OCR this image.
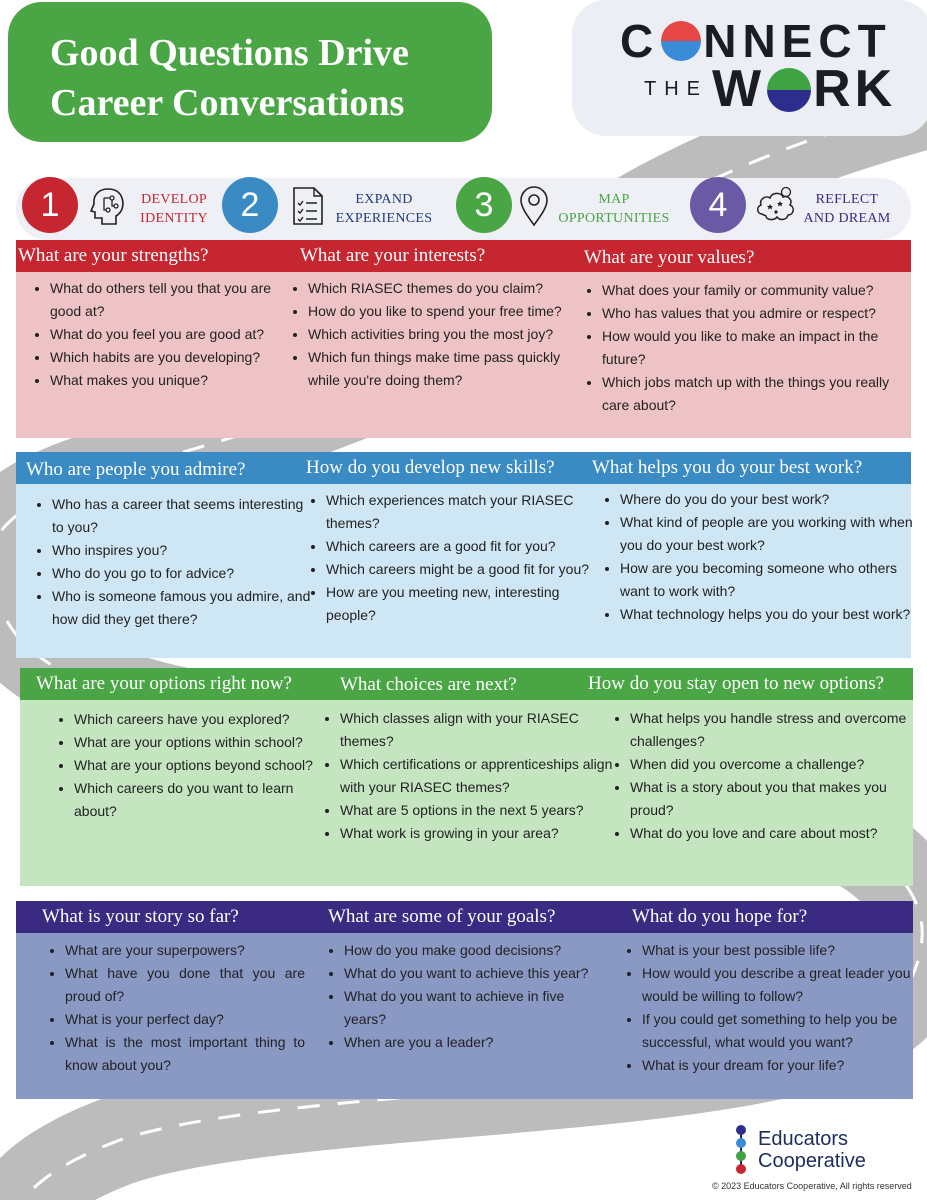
Good Questions Drive
Career Conversations
C NNECT
THEW RK
1	DEVELOP
IDENTITY 2	EXPAND
EXPERIENCES	3	MAP
OPPORTUNITIES	4	REFLECT
AND DREAM
What are your strengths?	What are your interests?	What are your values?
• What do others tell you that you are good at?
• What do you feel you are good at?
• Which habits are you developing?
• What makes you unique?
• Which RIASEC themes do you claim?
• How do you like to spend your free time?
• Which activities bring you the most joy?
• Which fun things make time pass quickly while you're doing them?
• What does your family or community value?
• Who has values that you admire or respect?
• How would you like to make an impact in the future?
• Which jobs match up with the things you really care about?
Who are people you admire?	How do you develop new skills? What helps you do your best work?
• Who has a career that seems interesting to you?
• Who inspires you?
• Who do you go to for advice?
• Who is someone famous you admire, and how did they get there?
• Which experiences match your RIASEC themes?
• Which careers are a good fit for you?
• Which careers might be a good fit for you?
• How are you meeting new, interesting people?
• Where do you do your best work?
• What kind of people are you working with when you do your best work?
• How are you becoming someone who others want to work with?
• What technology helps you do your best work?
What are your options right now?	What choices are next?	How do you stay open to new options?
• Which careers have you explored?
• What are your options within school?
• What are your options beyond school?
• Which careers do you want to learn about?
• Which classes align with your RIASEC themes?
• Which certifications or apprenticeships align with your RIASEC themes?
• What are 5 options in the next 5 years?
• What work is growing in your area?
• What helps you handle stress and overcome challenges?
• When did you overcome a challenge?
• What is a story about you that makes you proud?
• What do you love and care about most?
What is your story so far?	What are some of your goals?	What do you hope for?
• What are your superpowers?
• What have you done that you are proud of?
• What is your perfect day?
• What is the most important thing to know about you?
• How do you make good decisions?
• What do you want to achieve this year?
• What do you want to achieve in five years?
• When are you a leader?
• What is your best possible life?
• How would you describe a great leader you would be willing to follow?
• If you could get something to help you be successful, what would you want?
• What is your dream for your life?
Educators
Cooperative
© 2023 Educators Cooperative, All rights reserved
